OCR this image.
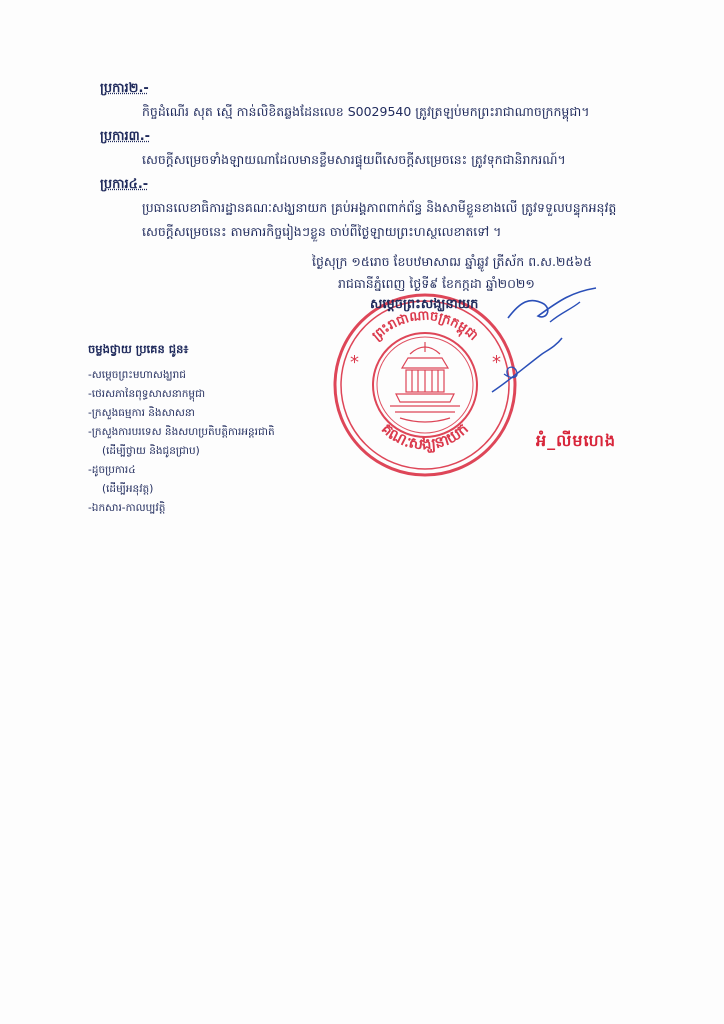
ប្រការ២.-
កិច្ចដំណើរ សុត ស្មើ កាន់លិខិតឆ្លងដែនលេខ S0029540 ត្រូវត្រឡប់មកព្រះរាជាណាចក្រកម្ពុជា។
ប្រការ៣.-
សេចក្តីសម្រេចទាំងឡាយណាដែលមានខ្លឹមសារផ្ទុយពីសេចក្តីសម្រេចនេះ ត្រូវទុកជានិរាករណ៍។
ប្រការ៤.-
ប្រធានលេខាធិការដ្ឋានគណៈសង្ឃនាយក គ្រប់អង្គភាពពាក់ព័ន្ធ និងសាមីខ្លួនខាងលើ ត្រូវទទួលបន្ទុកអនុវត្តសេចក្តីសម្រេចនេះ តាមភារកិច្ចរៀងៗខ្លួន ចាប់ពីថ្ងៃឡាយព្រះហស្ថលេខាតទៅ ។
ថ្ងៃសុក្រ ១៥រោច ខែបឋមាសាឍ ឆ្នាំឆ្លូវ ត្រីស័ក ព.ស.២៥៦៥
រាជធានីភ្នំពេញ ថ្ងៃទី៩ ខែកក្កដា ឆ្នាំ២០២១
សម្តេចព្រះសង្ឃនាយក
ព្រះរាជាណាចក្រកម្ពុជា
គណៈសង្ឃនាយក
*	*
អំ_លីមហេង
ចម្លងថ្វាយ ប្រគេន ជូន៖
-សម្តេចព្រះមហាសង្ឃរាជ
-ថេរសភានៃពុទ្ធសាសនាកម្ពុជា
-ក្រសួងធម្មការ និងសាសនា
-ក្រសួងការបរទេស និងសហប្រតិបត្តិការអន្តរជាតិ
(ដើម្បីថ្វាយ និងជូនជ្រាប)
-ដូចប្រការ៤
(ដើម្បីអនុវត្ត)
-ឯកសារ-កាលប្បវត្តិ
